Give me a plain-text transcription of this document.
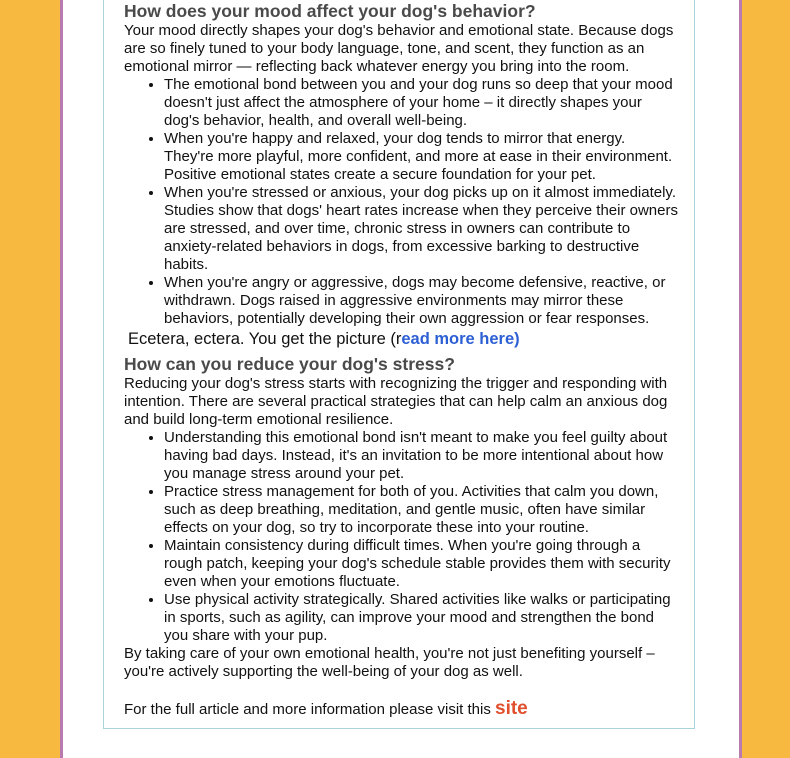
How does your mood affect your dog's behavior?

Your mood directly shapes your dog's behavior and emotional state. Because dogs are so finely tuned to your body language, tone, and scent, they function as an emotional mirror — reflecting back whatever energy you bring into the room.

• The emotional bond between you and your dog runs so deep that your mood doesn't just affect the atmosphere of your home – it directly shapes your dog's behavior, health, and overall well-being.
• When you're happy and relaxed, your dog tends to mirror that energy. They're more playful, more confident, and more at ease in their environment. Positive emotional states create a secure foundation for your pet.
• When you're stressed or anxious, your dog picks up on it almost immediately. Studies show that dogs' heart rates increase when they perceive their owners are stressed, and over time, chronic stress in owners can contribute to anxiety-related behaviors in dogs, from excessive barking to destructive habits.
• When you're angry or aggressive, dogs may become defensive, reactive, or withdrawn. Dogs raised in aggressive environments may mirror these behaviors, potentially developing their own aggression or fear responses.

Ecetera, ectera. You get the picture (read more here)

How can you reduce your dog's stress?

Reducing your dog's stress starts with recognizing the trigger and responding with intention. There are several practical strategies that can help calm an anxious dog and build long-term emotional resilience.

• Understanding this emotional bond isn't meant to make you feel guilty about having bad days. Instead, it's an invitation to be more intentional about how you manage stress around your pet.
• Practice stress management for both of you. Activities that calm you down, such as deep breathing, meditation, and gentle music, often have similar effects on your dog, so try to incorporate these into your routine.
• Maintain consistency during difficult times. When you're going through a rough patch, keeping your dog's schedule stable provides them with security even when your emotions fluctuate.
• Use physical activity strategically. Shared activities like walks or participating in sports, such as agility, can improve your mood and strengthen the bond you share with your pup.

By taking care of your own emotional health, you're not just benefiting yourself – you're actively supporting the well-being of your dog as well.

For the full article and more information please visit this site
